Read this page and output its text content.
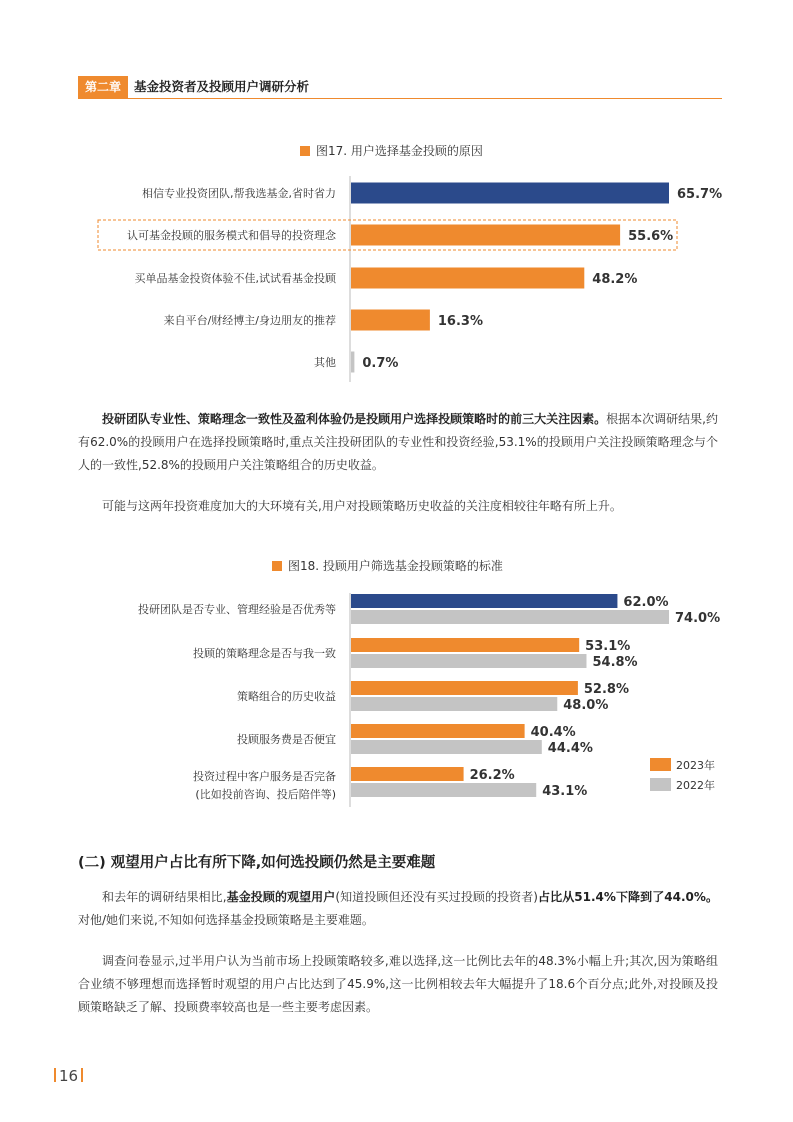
第二章	基金投资者及投顾用户调研分析
图17. 用户选择基金投顾的原因
相信专业投资团队,帮我选基金,省时省力	65.7%
认可基金投顾的服务模式和倡导的投资理念	55.6%
买单品基金投资体验不佳,试试看基金投顾	48.2%
来自平台/财经博主/身边朋友的推荐	16.3%
其他 0.7%

投研团队专业性、策略理念一致性及盈利体验仍是投顾用户选择投顾策略时的前三大关注因素。根据本次调研结果,约有62.0%的投顾用户在选择投顾策略时,重点关注投研团队的专业性和投资经验,53.1%的投顾用户关注投顾策略理念与个人的一致性,52.8%的投顾用户关注策略组合的历史收益。

可能与这两年投资难度加大的大环境有关,用户对投顾策略历史收益的关注度相较往年略有所上升。

图18. 投顾用户筛选基金投顾策略的标准
投研团队是否专业、管理经验是否优秀等	62.0%
74.0%
投顾的策略理念是否与我一致	53.1%
54.8%
策略组合的历史收益	52.8%
48.0%
投顾服务费是否便宜	40.4%
44.4%
投资过程中客户服务是否完备
(比如投前咨询、投后陪伴等)
26.2%
43.1%
2023年
2022年
(二) 观望用户占比有所下降,如何选投顾仍然是主要难题

和去年的调研结果相比,基金投顾的观望用户(知道投顾但还没有买过投顾的投资者)占比从51.4%下降到了44.0%。对他/她们来说,不知如何选择基金投顾策略是主要难题。

调查问卷显示,过半用户认为当前市场上投顾策略较多,难以选择,这一比例比去年的48.3%小幅上升;其次,因为策略组合业绩不够理想而选择暂时观望的用户占比达到了45.9%,这一比例相较去年大幅提升了18.6个百分点;此外,对投顾及投顾策略缺乏了解、投顾费率较高也是一些主要考虑因素。

16
